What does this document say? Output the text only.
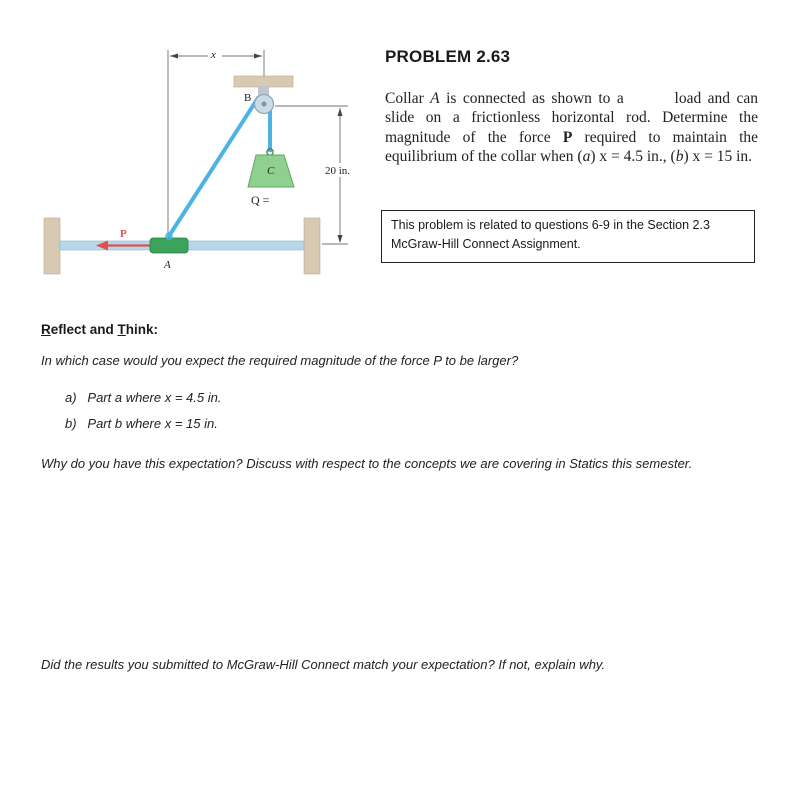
x
B
C
Q =
20 in.
P
A
PROBLEM 2.63
Collar A is connected as shown to a  load and can slide on a frictionless horizontal rod. Determine the magnitude of the force P required to maintain the equilibrium of the collar when (a) x = 4.5 in., (b) x = 15 in.
This problem is related to questions 6-9 in the Section 2.3
McGraw-Hill Connect Assignment.
Reflect and Think:
In which case would you expect the required magnitude of the force P to be larger?
a)   Part a where x = 4.5 in.
b)   Part b where x = 15 in.
Why do you have this expectation? Discuss with respect to the concepts we are covering in Statics this semester.
Did the results you submitted to McGraw-Hill Connect match your expectation? If not, explain why.
